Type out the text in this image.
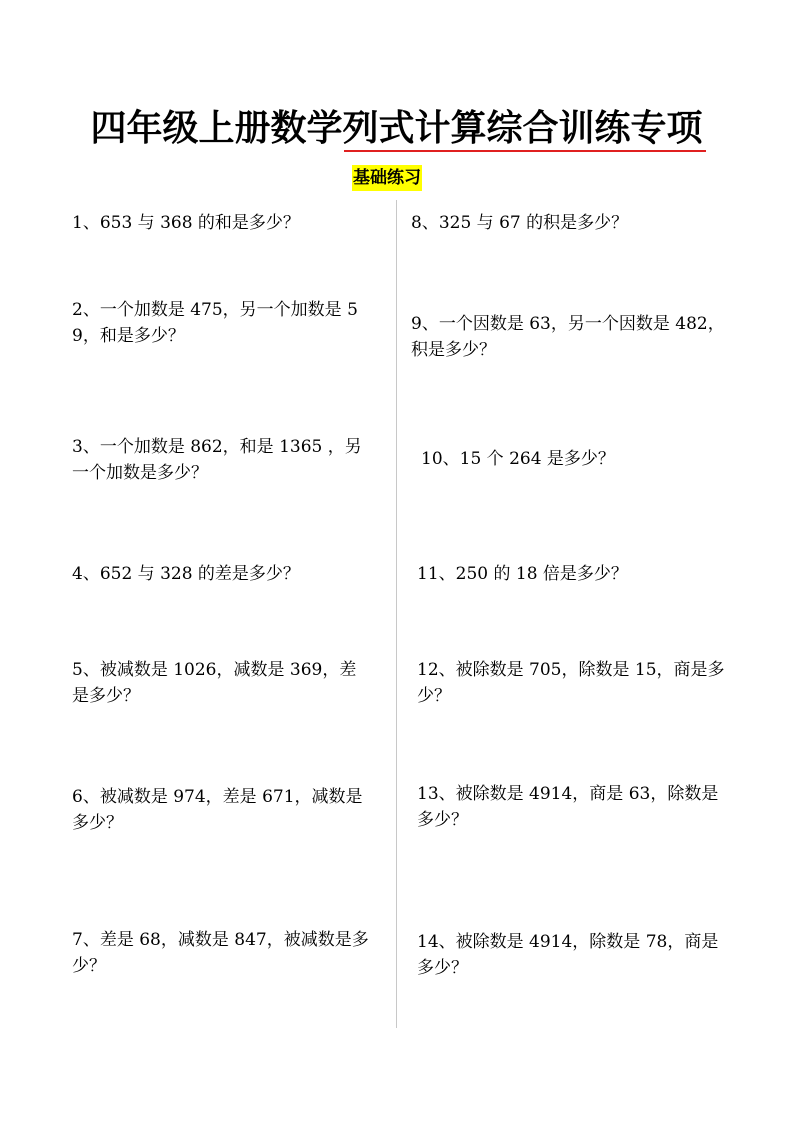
四年级上册数学列式计算综合训练专项
基础练习
1、653 与 368 的和是多少？
2、一个加数是 475，另一个加数是 59，和是多少？
3、一个加数是 862，和是 1365 ，另一个加数是多少？
4、652 与 328 的差是多少？
5、被减数是 1026，减数是 369，差是多少？
6、被减数是 974，差是 671，减数是多少？
7、差是 68，减数是 847，被减数是多少？
8、325 与 67 的积是多少？
9、一个因数是 63，另一个因数是 482，积是多少？
10、15 个 264 是多少？
11、250 的 18 倍是多少？
12、被除数是 705，除数是 15，商是多少？
13、被除数是 4914，商是 63，除数是多少？
14、被除数是 4914，除数是 78，商是多少？
